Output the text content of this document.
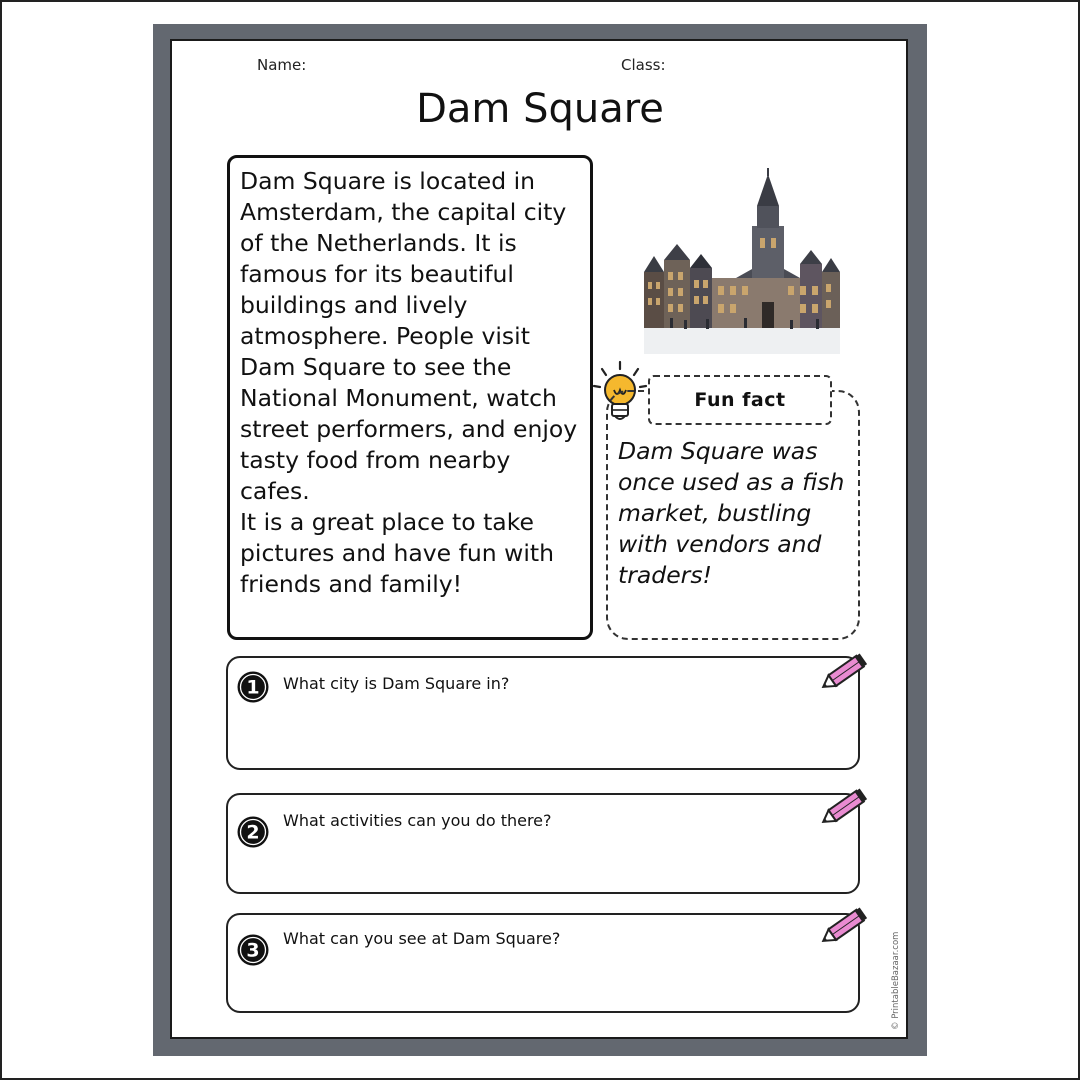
Name:	Class:
Dam Square

Dam Square is located in

Amsterdam, the capital city

of the Netherlands. It is

famous for its beautiful

buildings and lively

atmosphere. People visit

Dam Square to see the

National Monument, watch

street performers, and enjoy

tasty food from nearby cafes.

It is a great place to take

pictures and have fun with

friends and family!

Fun fact
Dam Square was
once used as a fish
market, bustling
with vendors and
traders!
1 What city is Dam Square in?
2
What activities can you do there?
3
What can you see at Dam Square?	© PrintableBazaar.com
